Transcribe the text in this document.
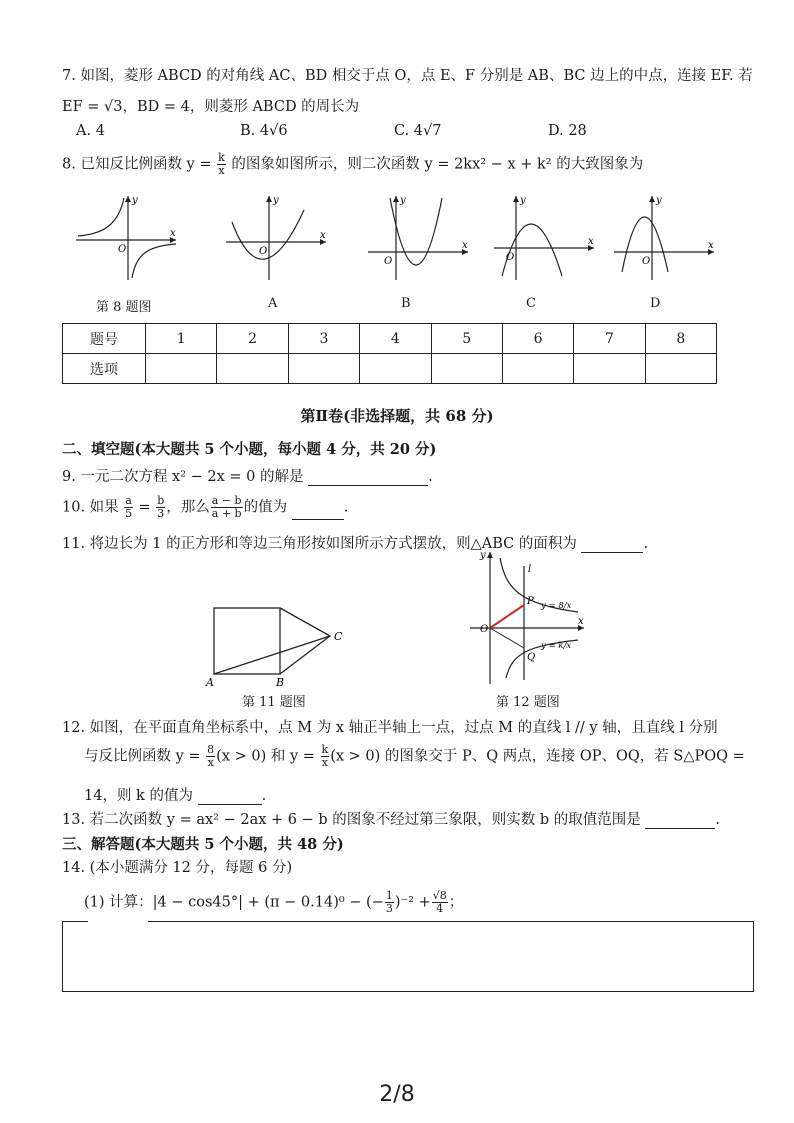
7. 如图，菱形 ABCD 的对角线 AC、BD 相交于点 O，点 E、F 分别是 AB、BC 边上的中点，连接 EF. 若
EF = √3，BD = 4，则菱形 ABCD 的周长为
A. 4	B. 4√6	C. 4√7	D. 28
8. 已知反比例函数 $y = \frac{k}{x}$ 的图象如图所示，则二次函数 y = 2kx² − x + k² 的大致图象为
y
x
O
y
x
O
y
x
O
y
x
O
y
x
O
第 8 题图	A	B	C	D
题号	1	2	3	4	5	6	7	8
选项								
第Ⅱ卷(非选择题，共 68 分)
二、填空题(本大题共 5 个小题，每小题 4 分，共 20 分)
9. 一元二次方程 x² − 2x = 0 的解是	.
10. 如果 $\frac{a}{5} = \frac{b}{3}$ ，那么 $\frac{a - b}{a + b}$ 的值为	.
11. 将边长为 1 的正方形和等边三角形按如图所示方式摆放，则△ABC 的面积为	.
A	B
C
第 11 题图
y
x
O
l
P
Q
y = 8/x
y = k/x
第 12 题图
12. 如图，在平面直角坐标系中，点 M 为 x 轴正半轴上一点，过点 M 的直线 l // y 轴，且直线 l 分别
与反比例函数 $y = \frac{8}{x} (x > 0)$ 和 $y = \frac{k}{x} (x > 0)$ 的图象交于 P、Q 两点，连接 OP、OQ，若 S△POQ =
14，则 k 的值为	.
13. 若二次函数 y = ax² − 2ax + 6 − b 的图象不经过第三象限，则实数 b 的取值范围是	.
三、解答题(本大题共 5 个小题，共 48 分)
14. (本小题满分 12 分，每题 6 分)
(1) 计算：|4 − cos45°| + (π − 0.14)⁰ − (− $\frac{1}{3} )^{-2} + \frac{√8}{4}$ ；
2/8
